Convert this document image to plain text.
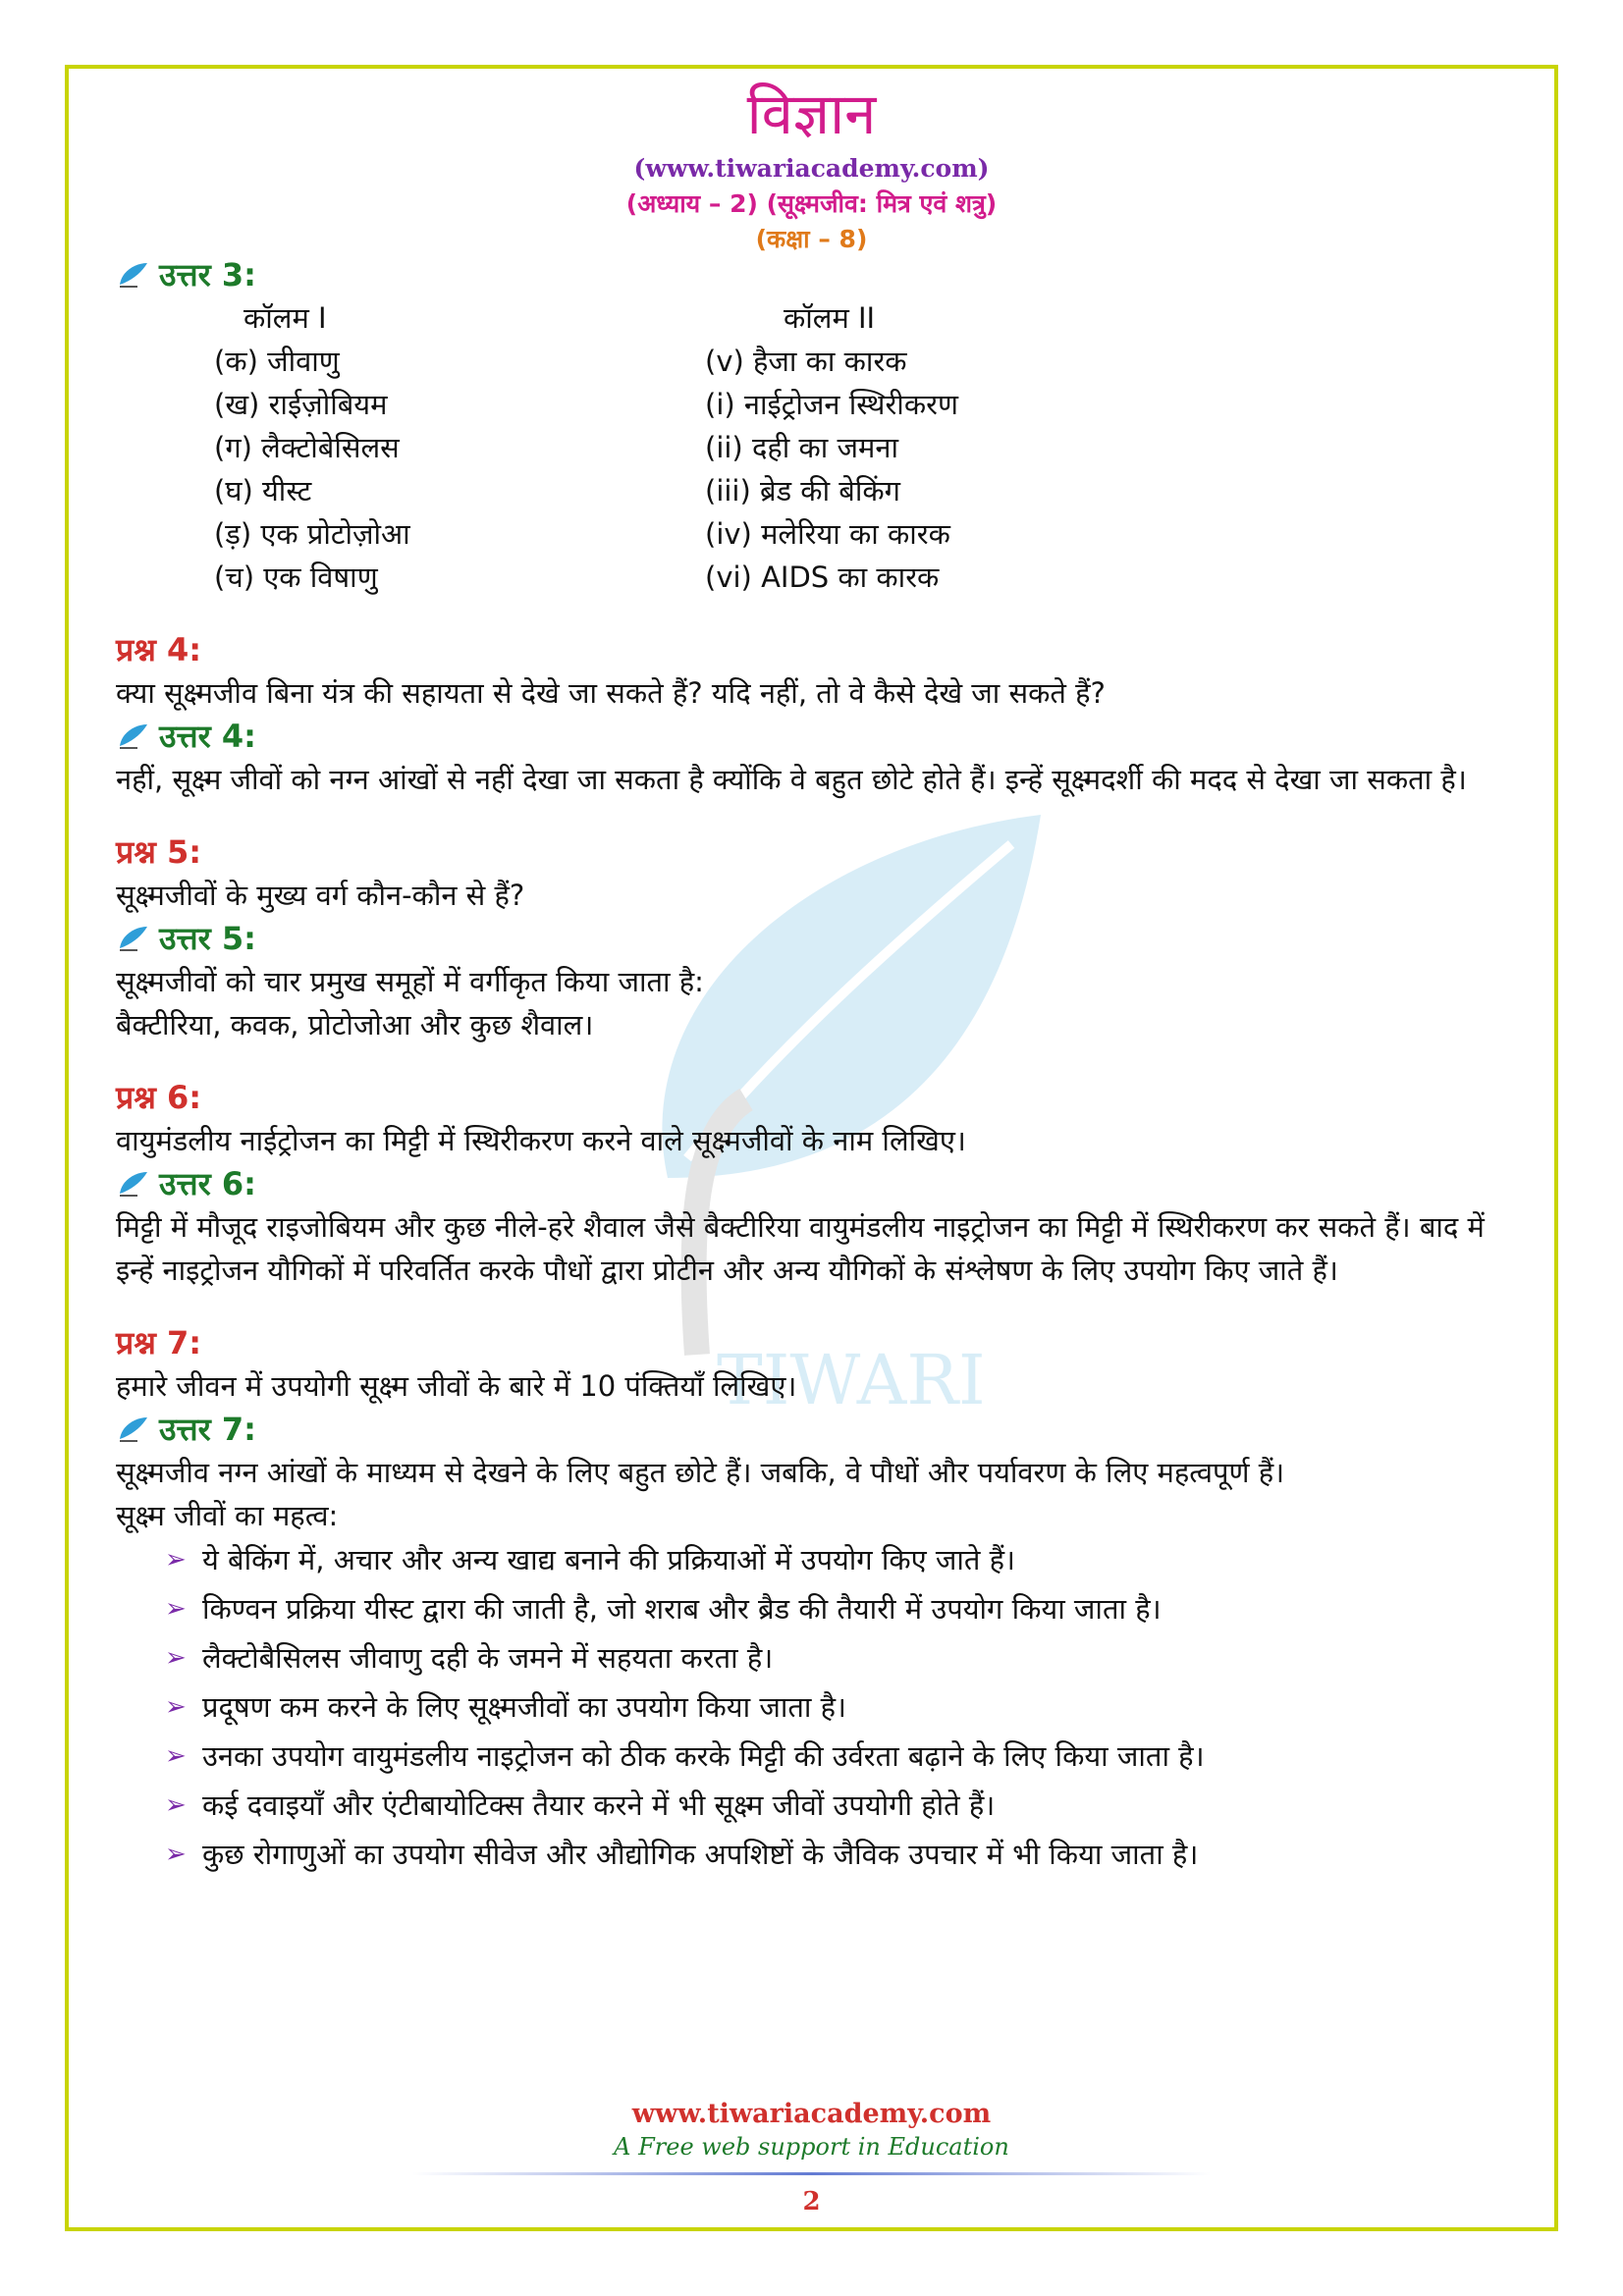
TIWARI
विज्ञान
(www.tiwariacademy.com)
(अध्याय – 2) (सूक्ष्मजीव: मित्र एवं शत्रु)
(कक्षा – 8)
उत्तर 3:
कॉलम I	कॉलम II
(क) जीवाणु	(v) हैजा का कारक
(ख) राईज़ोबियम	(i) नाईट्रोजन स्थिरीकरण
(ग) लैक्टोबेसिलस	(ii) दही का जमना
(घ) यीस्ट	(iii) ब्रेड की बेकिंग
(ड़) एक प्रोटोज़ोआ	(iv) मलेरिया का कारक
(च) एक विषाणु	(vi) AIDS का कारक
प्रश्न 4:

क्या सूक्ष्मजीव बिना यंत्र की सहायता से देखे जा सकते हैं? यदि नहीं, तो वे कैसे देखे जा सकते हैं?

उत्तर 4:

नहीं, सूक्ष्म जीवों को नग्न आंखों से नहीं देखा जा सकता है क्योंकि वे बहुत छोटे होते हैं। इन्हें सूक्ष्मदर्शी की मदद से देखा जा सकता है।

प्रश्न 5:

सूक्ष्मजीवों के मुख्य वर्ग कौन-कौन से हैं?

उत्तर 5:

सूक्ष्मजीवों को चार प्रमुख समूहों में वर्गीकृत किया जाता है:

बैक्टीरिया, कवक, प्रोटोजोआ और कुछ शैवाल।

प्रश्न 6:

वायुमंडलीय नाईट्रोजन का मिट्टी में स्थिरीकरण करने वाले सूक्ष्मजीवों के नाम लिखिए।

उत्तर 6:

मिट्टी में मौजूद राइजोबियम और कुछ नीले-हरे शैवाल जैसे बैक्टीरिया वायुमंडलीय नाइट्रोजन का मिट्टी में स्थिरीकरण कर सकते हैं। बाद में इन्हें नाइट्रोजन यौगिकों में परिवर्तित करके पौधों द्वारा प्रोटीन और अन्य यौगिकों के संश्लेषण के लिए उपयोग किए जाते हैं।

प्रश्न 7:

हमारे जीवन में उपयोगी सूक्ष्म जीवों के बारे में 10 पंक्तियाँ लिखिए।

उत्तर 7:

सूक्ष्मजीव नग्न आंखों के माध्यम से देखने के लिए बहुत छोटे हैं। जबकि, वे पौधों और पर्यावरण के लिए महत्वपूर्ण हैं।

सूक्ष्म जीवों का महत्व:

➢ ये बेकिंग में, अचार और अन्य खाद्य बनाने की प्रक्रियाओं में उपयोग किए जाते हैं।
➢ किण्वन प्रक्रिया यीस्ट द्वारा की जाती है, जो शराब और ब्रैड की तैयारी में उपयोग किया जाता है।
➢ लैक्टोबैसिलस जीवाणु दही के जमने में सहयता करता है।
➢ प्रदूषण कम करने के लिए सूक्ष्मजीवों का उपयोग किया जाता है।
➢ उनका उपयोग वायुमंडलीय नाइट्रोजन को ठीक करके मिट्टी की उर्वरता बढ़ाने के लिए किया जाता है।
➢ कई दवाइयाँ और एंटीबायोटिक्स तैयार करने में भी सूक्ष्म जीवों उपयोगी होते हैं।
➢ कुछ रोगाणुओं का उपयोग सीवेज और औद्योगिक अपशिष्टों के जैविक उपचार में भी किया जाता है।
www.tiwariacademy.com
A Free web support in Education
2
